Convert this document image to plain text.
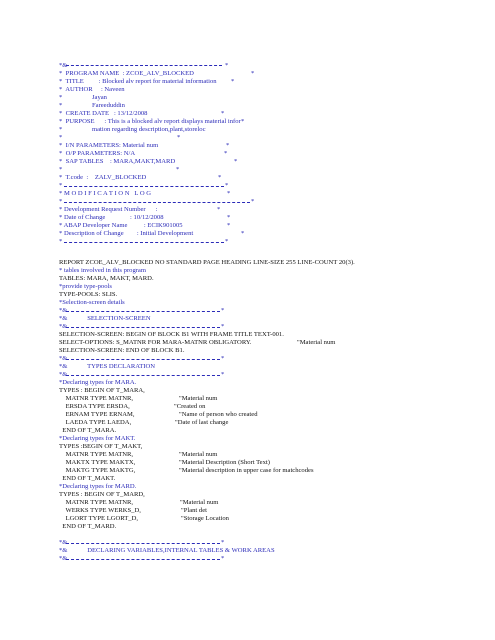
*&	*
*  PROGRAM NAME  : ZCOE_ALV_BLOCKED	*
*  TITLE         : Blocked alv report for material information *
*  AUTHOR     : Naveen
*                  Jayan
*                  Fareeduddin
*  CREATE DATE   : 13/12/2008	*
*  PURPOSE      : This is a blocked alv report displays material infor *
*                  mation regarding description,plant,storeloc
*	*
*  I/N PARAMETERS: Material num	*
*  O/P PARAMETERS: N/A	*
*  SAP TABLES    : MARA,MAKT,MARD	*
*	*
*  T.code  :    ZALV_BLOCKED	*
*	*
* M O D I F I C A T I O N   L O G	*
*	*
* Development Request Number      :	*
* Date of Change               : 10/12/2008	*
* ABAP Developer Name          : ECIK901005	*
* Description of Change        : Initial Development	*
*	*
REPORT ZCOE_ALV_BLOCKED NO STANDARD PAGE HEADING LINE-SIZE 255 LINE-COUNT 20(3).
* tables involved in this program
TABLES: MARA, MAKT, MARD.
*provide type-pools
TYPE-POOLS: SLIS.
*Selection-screen details
*&	*
*&            SELECTION-SCREEN
*&	*
SELECTION-SCREEN: BEGIN OF BLOCK B1 WITH FRAME TITLE TEXT-001.
SELECT-OPTIONS: S_MATNR FOR MARA-MATNR OBLIGATORY.	"Material num
SELECTION-SCREEN: END OF BLOCK B1.
*&	*
*&            TYPES DECLARATION
*&	*
*Declaring types for MARA.
TYPES : BEGIN OF T_MARA,
MATNR TYPE MATNR,	"Material num
ERSDA TYPE ERSDA,	"Created on
ERNAM TYPE ERNAM,	"Name of person who created
LAEDA TYPE LAEDA,	"Date of last change
END OF T_MARA.
*Declaring types for MAKT.
TYPES :BEGIN OF T_MAKT,
MATNR TYPE MATNR,	"Material num
MAKTX TYPE MAKTX,	"Material Description (Short Text)
MAKTG TYPE MAKTG,	"Material description in upper case for matchcodes
END OF T_MAKT.
*Declaring types for MARD.
TYPES : BEGIN OF T_MARD,
MATNR TYPE MATNR,	"Material num
WERKS TYPE WERKS_D,	"Plant det
LGORT TYPE LGORT_D,	"Storage Location
END OF T_MARD.
*&	*
*&            DECLARING VARIABLES,INTERNAL TABLES & WORK AREAS
*&	*
